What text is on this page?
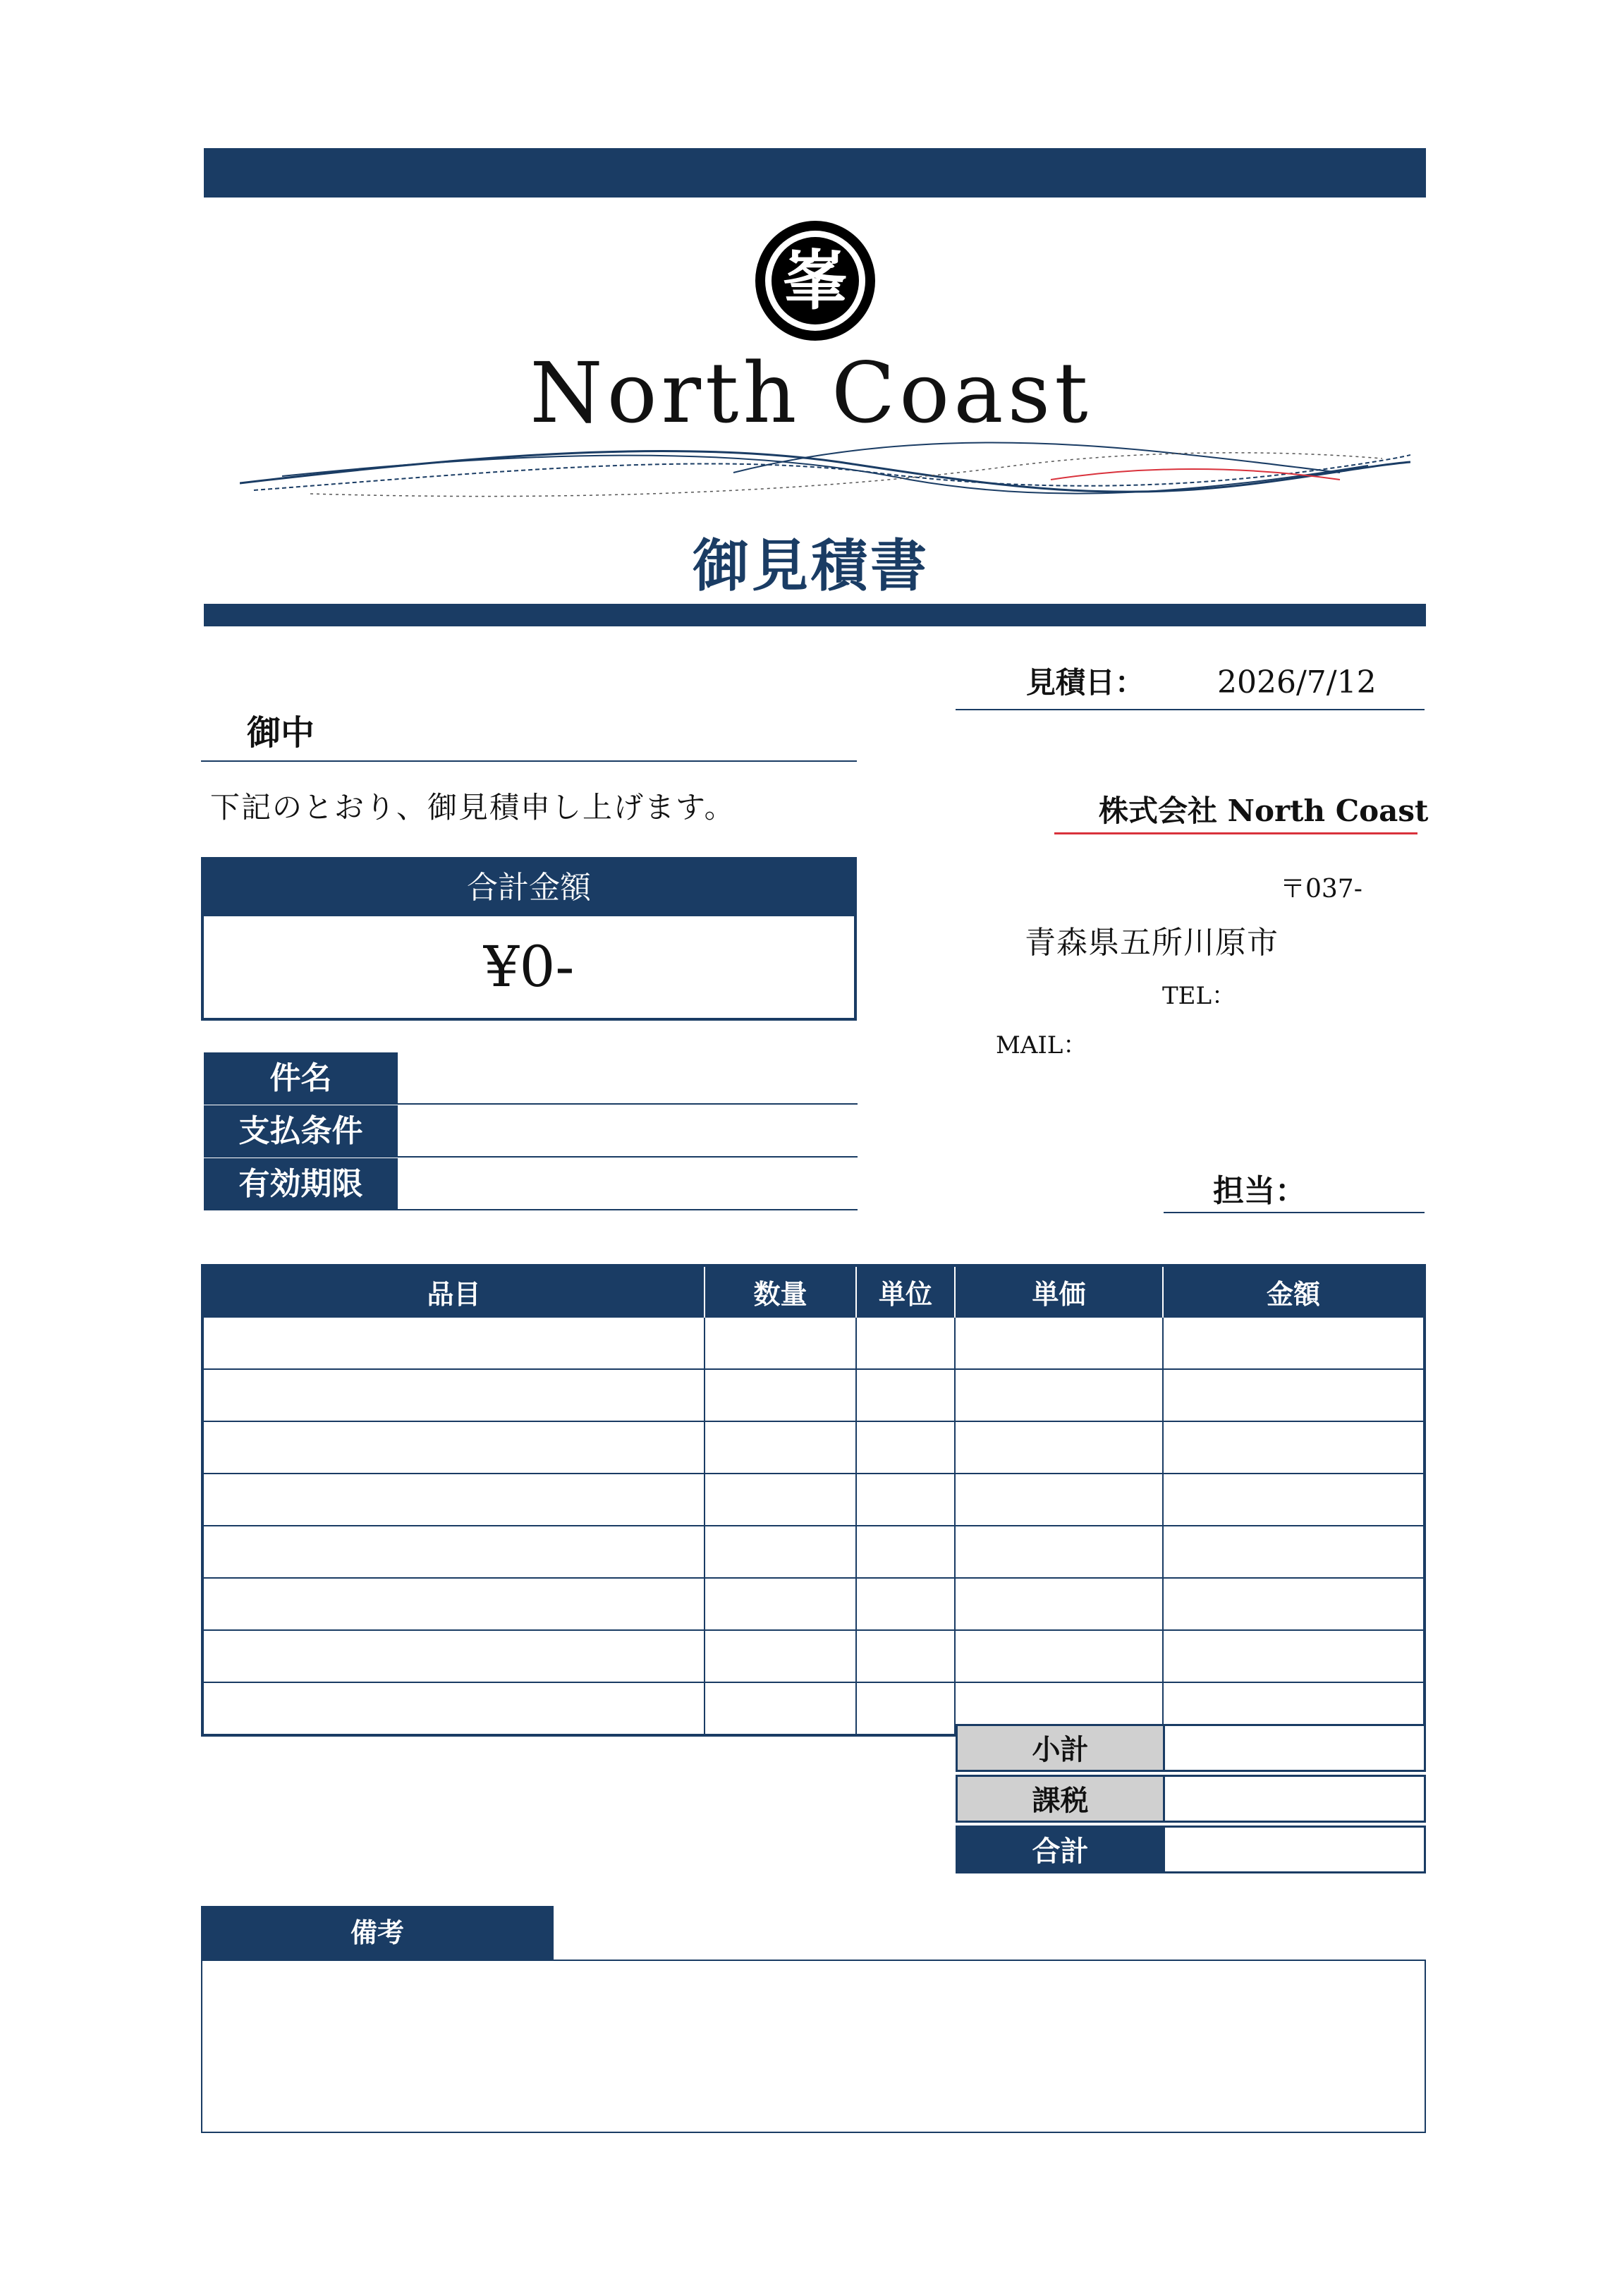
峯
North Coast
御見積書
見積日： 2026/7/12
御中
下記のとおり、御見積申し上げます。	株式会社 North Coast
〒037-
青森県五所川原市
TEL：
MAIL：
担当：
合計金額
¥0-
件名
支払条件
有効期限
品目	数量	単位	単価	金額

小計
課税
合計
備考
